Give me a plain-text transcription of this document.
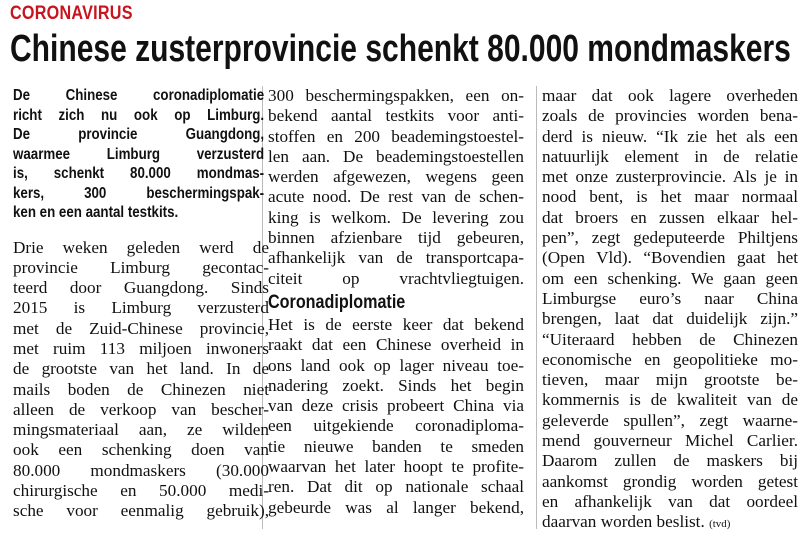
CORONAVIRUS
Chinese zusterprovincie schenkt 80.000 mondmaskers
De Chinese coronadiplomatie
richt zich nu ook op Limburg.
De provincie Guangdong,
waarmee Limburg verzusterd
is, schenkt 80.000 mondmas-
kers, 300 beschermingspak-
ken en een aantal testkits.
Drie weken geleden werd de
provincie Limburg gecontac-
teerd door Guangdong. Sinds
2015 is Limburg verzusterd
met de Zuid-Chinese provincie,
met ruim 113 miljoen inwoners
de grootste van het land. In de
mails boden de Chinezen niet
alleen de verkoop van bescher-
mingsmateriaal aan, ze wilden
ook een schenking doen van
80.000 mondmaskers (30.000
chirurgische en 50.000 medi-
sche voor eenmalig gebruik),
300 beschermingspakken, een on-
bekend aantal testkits voor anti-
stoffen en 200 beademingstoestel-
len aan. De beademingstoestellen
werden afgewezen, wegens geen
acute nood. De rest van de schen-
king is welkom. De levering zou
binnen afzienbare tijd gebeuren,
afhankelijk van de transportcapa-
citeit op vrachtvliegtuigen.
Coronadiplomatie
Het is de eerste keer dat bekend
raakt dat een Chinese overheid in
ons land ook op lager niveau toe-
nadering zoekt. Sinds het begin
van deze crisis probeert China via
een uitgekiende coronadiploma-
tie nieuwe banden te smeden
waarvan het later hoopt te profite-
ren. Dat dit op nationale schaal
gebeurde was al langer bekend,
maar dat ook lagere overheden
zoals de provincies worden bena-
derd is nieuw. “Ik zie het als een
natuurlijk element in de relatie
met onze zusterprovincie. Als je in
nood bent, is het maar normaal
dat broers en zussen elkaar hel-
pen”, zegt gedeputeerde Philtjens
(Open Vld). “Bovendien gaat het
om een schenking. We gaan geen
Limburgse euro’s naar China
brengen, laat dat duidelijk zijn.”
“Uiteraard hebben de Chinezen
economische en geopolitieke mo-
tieven, maar mijn grootste be-
kommernis is de kwaliteit van de
geleverde spullen”, zegt waarne-
mend gouverneur Michel Carlier.
Daarom zullen de maskers bij
aankomst grondig worden getest
en afhankelijk van dat oordeel
daarvan worden beslist. (tvd)
